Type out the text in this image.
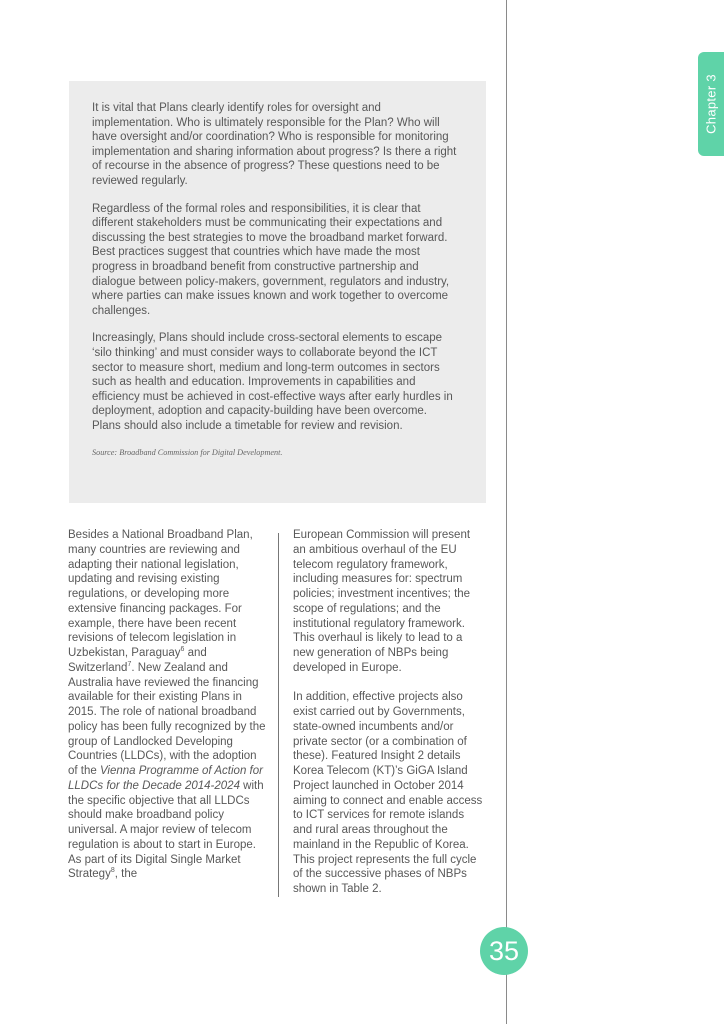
Chapter 3

It is vital that Plans clearly identify roles for oversight and implementation. Who is ultimately responsible for the Plan? Who will have oversight and/or coordination? Who is responsible for monitoring implementation and sharing information about progress? Is there a right of recourse in the absence of progress? These questions need to be reviewed regularly.

Regardless of the formal roles and responsibilities, it is clear that different stakeholders must be communicating their expectations and discussing the best strategies to move the broadband market forward. Best practices suggest that countries which have made the most progress in broadband benefit from constructive partnership and dialogue between policy-makers, government, regulators and industry, where parties can make issues known and work together to overcome challenges.

Increasingly, Plans should include cross-sectoral elements to escape ‘silo thinking’ and must consider ways to collaborate beyond the ICT sector to measure short, medium and long-term outcomes in sectors such as health and education. Improvements in capabilities and efficiency must be achieved in cost-effective ways after early hurdles in deployment, adoption and capacity-building have been overcome. Plans should also include a timetable for review and revision.

Source: Broadband Commission for Digital Development.

Besides a National Broadband Plan, many countries are reviewing and adapting their national legislation, updating and revising existing regulations, or developing more extensive financing packages. For example, there have been recent revisions of telecom legislation in Uzbekistan, Paraguay$^6$ and Switzerland$^7$. New Zealand and Australia have reviewed the financing available for their existing Plans in 2015. The role of national broadband policy has been fully recognized by the group of Landlocked Developing Countries (LLDCs), with the adoption of the Vienna Programme of Action for LLDCs for the Decade 2014-2024 with the specific objective that all LLDCs should make broadband policy universal. A major review of telecom regulation is about to start in Europe. As part of its Digital Single Market Strategy$^8$, the

European Commission will present an ambitious overhaul of the EU telecom regulatory framework, including measures for: spectrum policies; investment incentives; the scope of regulations; and the institutional regulatory framework. This overhaul is likely to lead to a new generation of NBPs being developed in Europe.

In addition, effective projects also exist carried out by Governments, state-owned incumbents and/or private sector (or a combination of these). Featured Insight 2 details Korea Telecom (KT)’s GiGA Island Project launched in October 2014 aiming to connect and enable access to ICT services for remote islands and rural areas throughout the mainland in the Republic of Korea. This project represents the full cycle of the successive phases of NBPs shown in Table 2.

35
